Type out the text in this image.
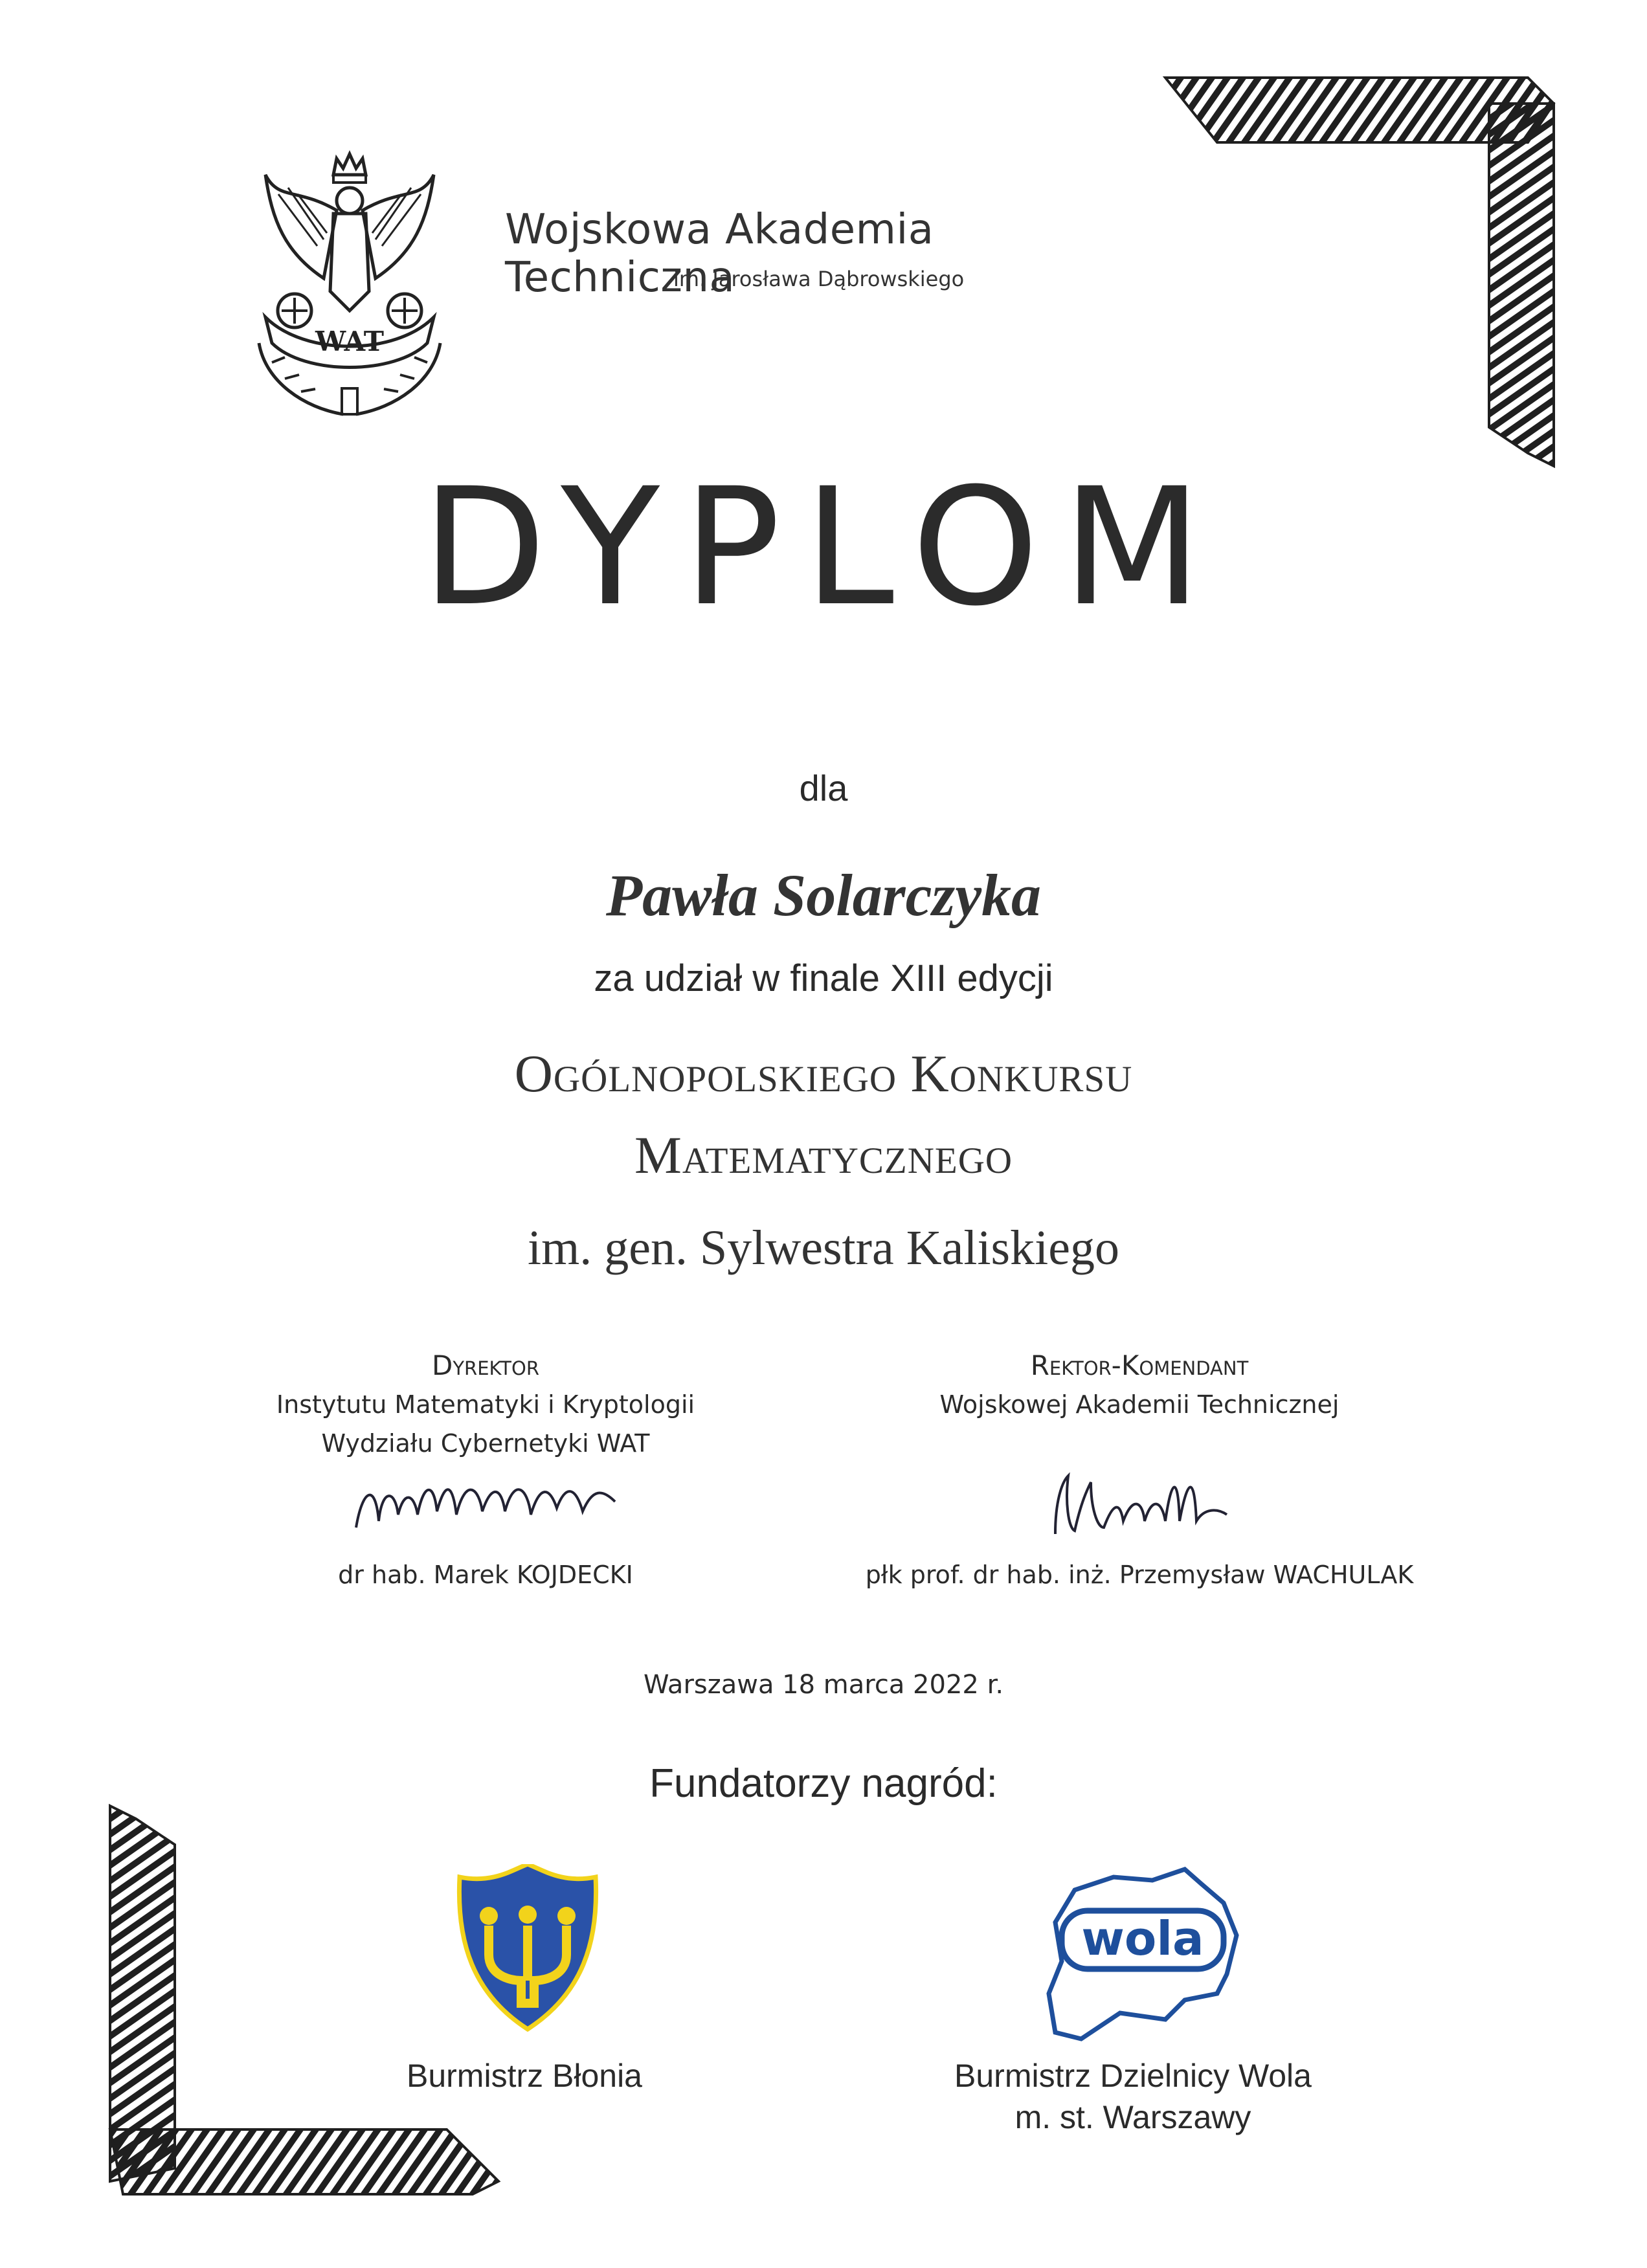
WAT
Wojskowa Akademia Techniczna
im. Jarosława Dąbrowskiego
DYPLOM
dla
Pawła Solarczyka
za udział w finale XIII edycji
Ogólnopolskiego Konkursu
Matematycznego
im. gen. Sylwestra Kaliskiego
Dyrektor
Instytutu Matematyki i Kryptologii
Wydziału Cybernetyki WAT
dr hab. Marek KOJDECKI
Rektor-Komendant
Wojskowej Akademii Technicznej
płk prof. dr hab. inż. Przemysław WACHULAK
Warszawa 18 marca 2022 r.
Fundatorzy nagród:
wola
Burmistrz Błonia	Burmistrz Dzielnicy Wola
m. st. Warszawy
